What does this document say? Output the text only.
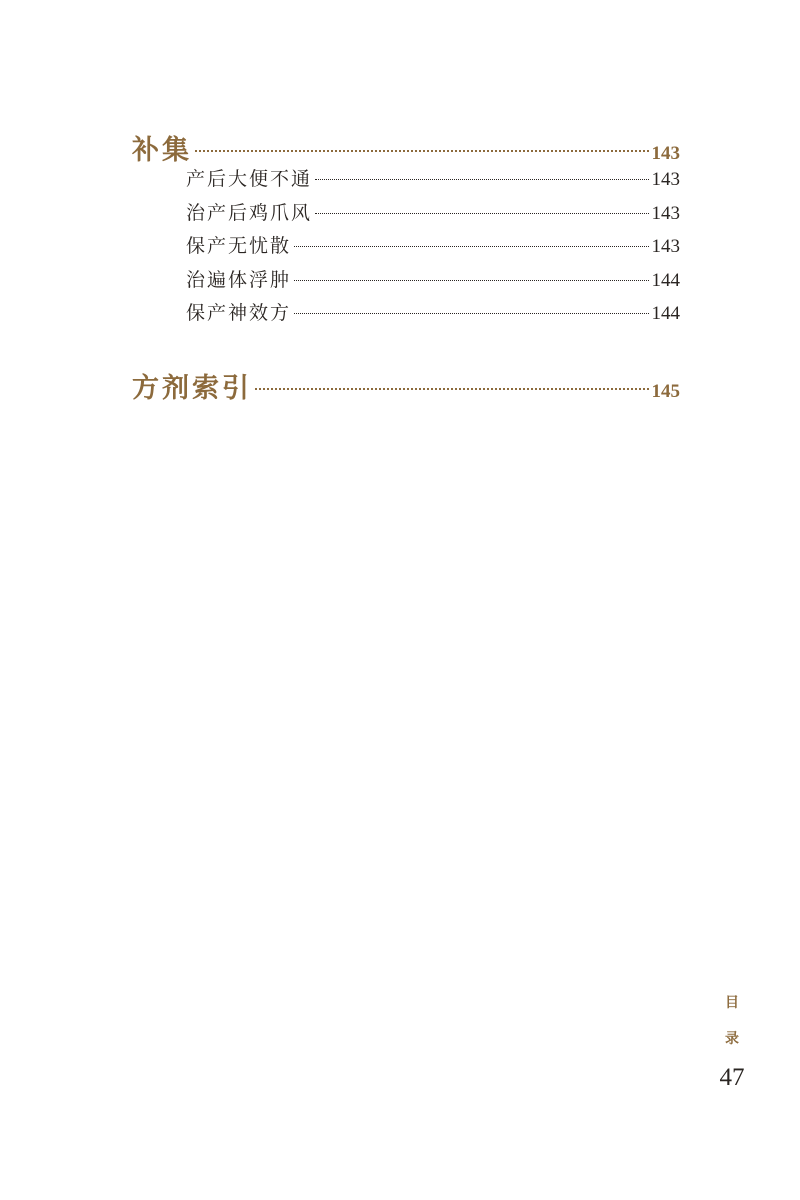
补集	143
产后大便不通	143
治产后鸡爪风	143
保产无忧散	143
治遍体浮肿	144
保产神效方	144
方剂索引	145
目
录
47
